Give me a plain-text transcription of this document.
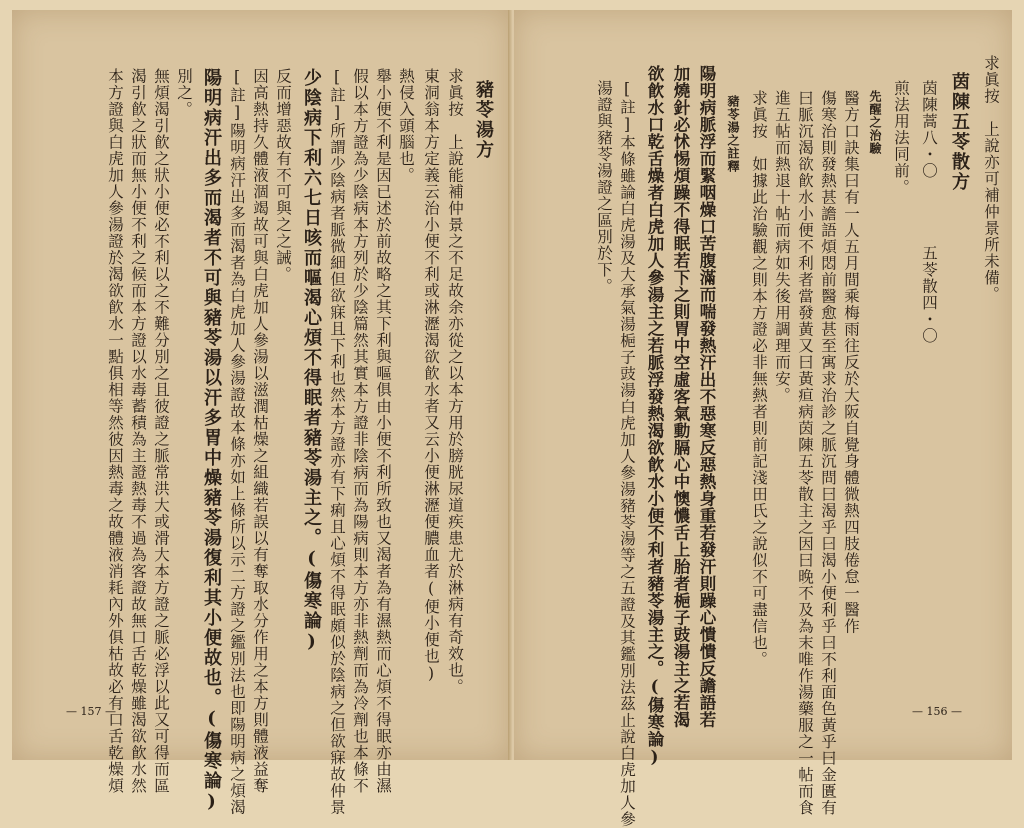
本方證與白虎加人參湯證於渴欲飮水一點俱相等然彼因熱毒之故體液消耗內外俱枯故必有口舌乾燥煩 渴引飮之狀而無小便不利之候而本方證以水毒蓄積為主證熱毒不過為客證故無口舌乾燥雖渴欲飮水然 無煩渴引飮之狀小便必不利以之不難分別之且彼證之脈常洪大或滑大本方證之脈必浮以此又可得而區 別之。 陽明病汗出多而渴者不可與豬苓湯以汗多胃中燥豬苓湯復利其小便故也。(傷寒論) [註]陽明病汗出多而渴者為白虎加人參湯證故本條亦如上條所以示二方證之鑑別法也即陽明病之煩渴 因高熱持久體液涸竭故可與白虎加人參湯以滋潤枯燥之組織若誤以有奪取水分作用之本方則體液益奪 反而增惡故有不可與之之誡。 少陰病下利六七日咳而嘔渴心煩不得眠者豬苓湯主之。(傷寒論) [註]所謂少陰病者脈微細但欲寐且下利也然本方證亦有下痢且心煩不得眠頗似於陰病之但欲寐故仲景 假以本方證為少陰病本方列於少陰篇然其實本方證非陰病而為陽病則本方亦非熱劑而為冷劑也本條不 舉小便不利是因已述於前故略之其下利與嘔俱由小便不利所致也又渴者為有濕熱而心煩不得眠亦由濕 熱侵入頭腦也。 東洞翁本方定義云治小便不利或淋瀝渴欲飮水者又云小便淋瀝便膿血者(便小便也) 求眞按　上說能補仲景之不足故余亦從之以本方用於膀胱尿道疾患尤於淋病有奇效也。 豬苓湯方
— 157 —
求眞按　上說亦可補仲景所未備。
茵陳五苓散方
茵陳蒿八・〇　　　　五苓散四・〇
煎法用法同前。
先醒之治驗
醫方口訣集曰有一人五月間乘梅雨往反於大阪自覺身體微熱四肢倦怠一醫作
傷寒治則發熱甚譫語煩悶前醫愈甚至寓求治診之脈沉問曰渴乎曰渴小便利乎曰不利面色黃乎曰金匱有
曰脈沉渴欲飮水小便不利者當發黃又曰黃疸病茵陳五苓散主之因曰晚不及為末唯作湯藥服之一帖而食
進五帖而熱退十帖而病如失後用調理而安。
求眞按　如據此治驗觀之則本方證必非無熱者則前記淺田氏之說似不可盡信也。
豬苓湯之註釋
陽明病脈浮而緊咽燥口苦腹滿而喘發熱汗出不惡寒反惡熱身重若發汗則躁心憒憒反譫語若
加燒針必怵惕煩躁不得眠若下之則胃中空虛客氣動膈心中懊憹舌上胎者梔子豉湯主之若渴
欲飮水口乾舌燥者白虎加人參湯主之若脈浮發熱渴欲飮水小便不利者豬苓湯主之。(傷寒論)
[註]本條雖論白虎湯及大承氣湯梔子豉湯白虎加人參湯豬苓湯等之五證及其鑑別法茲止說白虎加人參
湯證與豬苓湯證之區別於下。
— 156 —
